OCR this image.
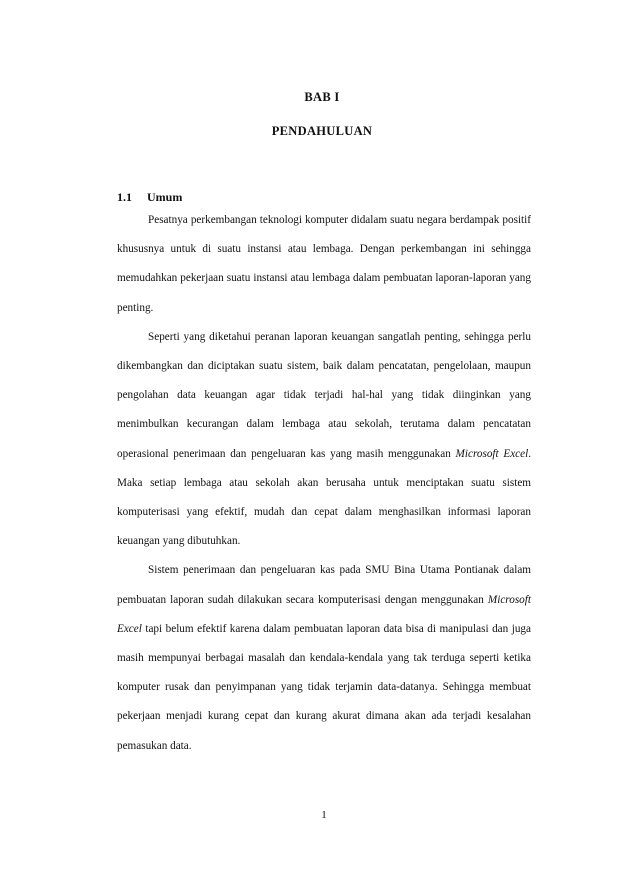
BAB I
PENDAHULUAN
1.1 Umum

Pesatnya perkembangan teknologi komputer didalam suatu negara berdampak positif khususnya untuk di suatu instansi atau lembaga. Dengan perkembangan ini sehingga memudahkan pekerjaan suatu instansi atau lembaga dalam pembuatan laporan-laporan yang penting.

Seperti yang diketahui peranan laporan keuangan sangatlah penting, sehingga perlu dikembangkan dan diciptakan suatu sistem, baik dalam pencatatan, pengelolaan, maupun pengolahan data keuangan agar tidak terjadi hal-hal yang tidak diinginkan yang menimbulkan kecurangan dalam lembaga atau sekolah, terutama dalam pencatatan operasional penerimaan dan pengeluaran kas yang masih menggunakan Microsoft Excel. Maka setiap lembaga atau sekolah akan berusaha untuk menciptakan suatu sistem komputerisasi yang efektif, mudah dan cepat dalam menghasilkan informasi laporan keuangan yang dibutuhkan.

Sistem penerimaan dan pengeluaran kas pada SMU Bina Utama Pontianak dalam pembuatan laporan sudah dilakukan secara komputerisasi dengan menggunakan Microsoft Excel tapi belum efektif karena dalam pembuatan laporan data bisa di manipulasi dan juga masih mempunyai berbagai masalah dan kendala-kendala yang tak terduga seperti ketika komputer rusak dan penyimpanan yang tidak terjamin data-datanya. Sehingga membuat pekerjaan menjadi kurang cepat dan kurang akurat dimana akan ada terjadi kesalahan pemasukan data.

1
